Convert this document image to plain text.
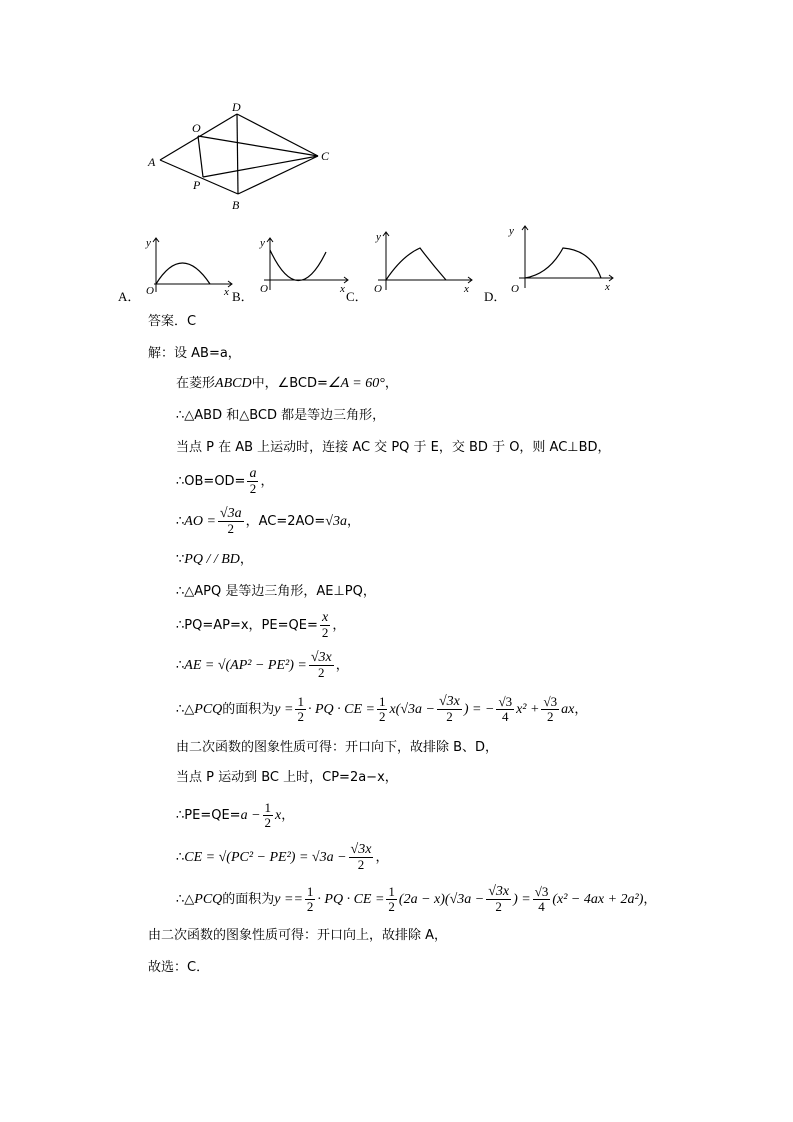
A
D
C
B
O
P
A．
y
x
O	B．
y
x
O	C．
y
x
O	D．
y
x
O
答案．C
解：设 AB=a，
在菱形ABCD中，∠BCD=∠A = 60°，
∴△ABD 和△BCD 都是等边三角形，
当点 P 在 AB 上运动时，连接 AC 交 PQ 于 E，交 BD 于 O，则 AC⊥BD，
∴OB=OD= $\frac{a}{2}$ ，
∴AO = $\frac{√3a}{2}$ ，AC=2AO=√3a，
∵PQ / / BD，
∴△APQ 是等边三角形，AE⊥PQ，
∴PQ=AP=x，$PE=QE= \frac{x}{2}$ ，
∴AE = $√(AP^2 - PE^2) = \frac{√3x}{2}$ ，
∴△PCQ的面积为$y = \frac{1}{2}$ · PQ · CE = $\frac{1}{2} x(√3a - \frac{√3x}{2}$ ) = − $\frac{√3}{4} x^2 + \frac{√3}{2}$ ax，
由二次函数的图象性质可得：开口向下，故排除 B、D，
当点 P 运动到 BC 上时，CP=2a−x，
∴PE=QE=a − $\frac{1}{2}$ x，
∴CE = $√(PC^2 - PE^2) = √3a - \frac{√3x}{2}$ ，
∴△PCQ的面积为$y == \frac{1}{2}$ · PQ · CE = $\frac{1}{2} (2a - x)(√3a - \frac{√3x}{2}$ ) = $\frac{√3}{4} (x^2 - 4ax + 2a^2)$，
由二次函数的图象性质可得：开口向上，故排除 A，
故选：C．
